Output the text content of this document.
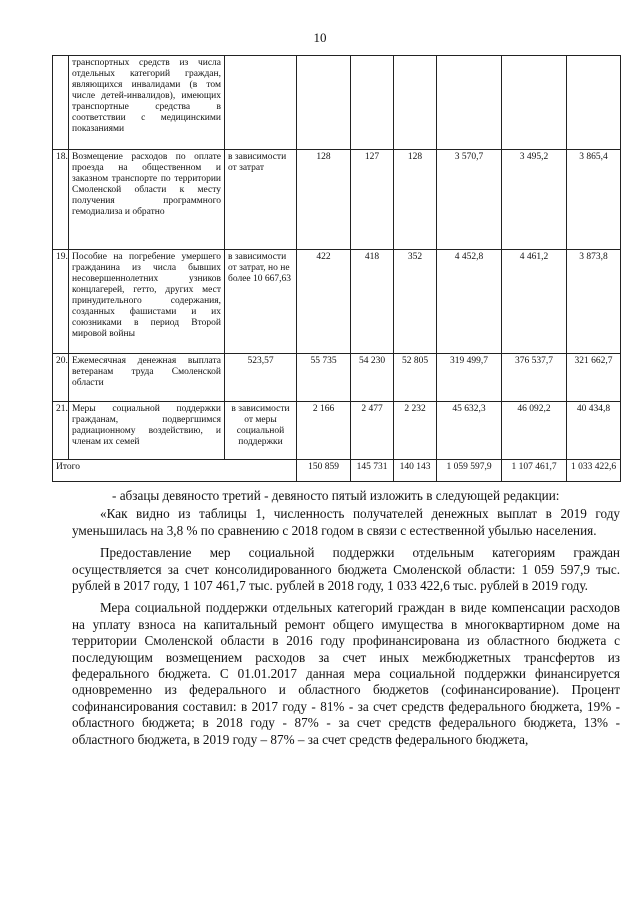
10
	транспортных средств из числа отдельных категорий граждан, являющихся инвалидами (в том числе детей-инвалидов), имеющих транспортные средства в соответствии с медицинскими показаниями							
18.	Возмещение расходов по оплате проезда на общественном и заказном транспорте по территории Смоленской области к месту получения программного гемодиализа и обратно	в зависимости от затрат	128	127	128	3 570,7	3 495,2	3 865,4
19.	Пособие на погребение умершего гражданина из числа бывших несовершеннолетних узников концлагерей, гетто, других мест принудительного содержания, созданных фашистами и их союзниками в период Второй мировой войны	в зависимости от затрат, но не более 10 667,63	422	418	352	4 452,8	4 461,2	3 873,8
20.	Ежемесячная денежная выплата ветеранам труда Смоленской области	523,57	55 735	54 230	52 805	319 499,7	376 537,7	321 662,7
21.	Меры социальной поддержки гражданам, подвергшимся радиационному воздействию, и членам их семей	в зависимости от меры социальной поддержки	2 166	2 477	2 232	45 632,3	46 092,2	40 434,8
Итого			150 859	145 731	140 143	1 059 597,9	1 107 461,7	1 033 422,6

- абзацы девяносто третий - девяносто пятый изложить в следующей редакции:

«Как видно из таблицы 1, численность получателей денежных выплат в 2019 году уменьшилась на 3,8 % по сравнению с 2018 годом в связи с естественной убылью населения.

Предоставление мер социальной поддержки отдельным категориям граждан осуществляется за счет консолидированного бюджета Смоленской области: 1 059 597,9 тыс. рублей в 2017 году, 1 107 461,7 тыс. рублей в 2018 году, 1 033 422,6 тыс. рублей в 2019 году.

Мера социальной поддержки отдельных категорий граждан в виде компенсации расходов на уплату взноса на капитальный ремонт общего имущества в многоквартирном доме на территории Смоленской области в 2016 году профинансирована из областного бюджета с последующим возмещением расходов за счет иных межбюджетных трансфертов из федерального бюджета. С 01.01.2017 данная мера социальной поддержки финансируется одновременно из федерального и областного бюджетов (софинансирование). Процент софинансирования составил: в 2017 году - 81% - за счет средств федерального бюджета, 19% - областного бюджета; в 2018 году - 87% - за счет средств федерального бюджета, 13% - областного бюджета, в 2019 году – 87% – за счет средств федерального бюджета,
